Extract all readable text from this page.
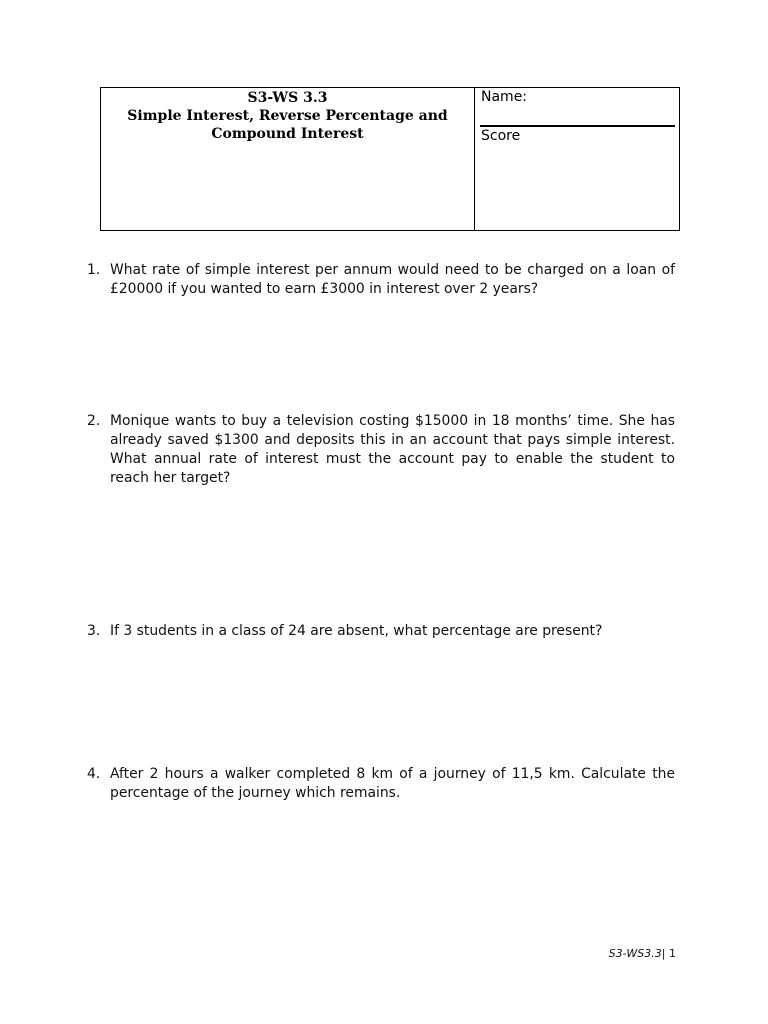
S3-WS 3.3
Simple Interest, Reverse Percentage and
Compound Interest
Name:
Score
1. What rate of simple interest per annum would need to be charged on a loan of £20000 if you wanted to earn £3000 in interest over 2 years?
2. Monique wants to buy a television costing $15000 in 18 months’ time. She has already saved $1300 and deposits this in an account that pays simple interest. What annual rate of interest must the account pay to enable the student to reach her target?
3. If 3 students in a class of 24 are absent, what percentage are present?
4. After 2 hours a walker completed 8 km of a journey of 11,5 km. Calculate the percentage of the journey which remains.
S3-WS3.3| 1
